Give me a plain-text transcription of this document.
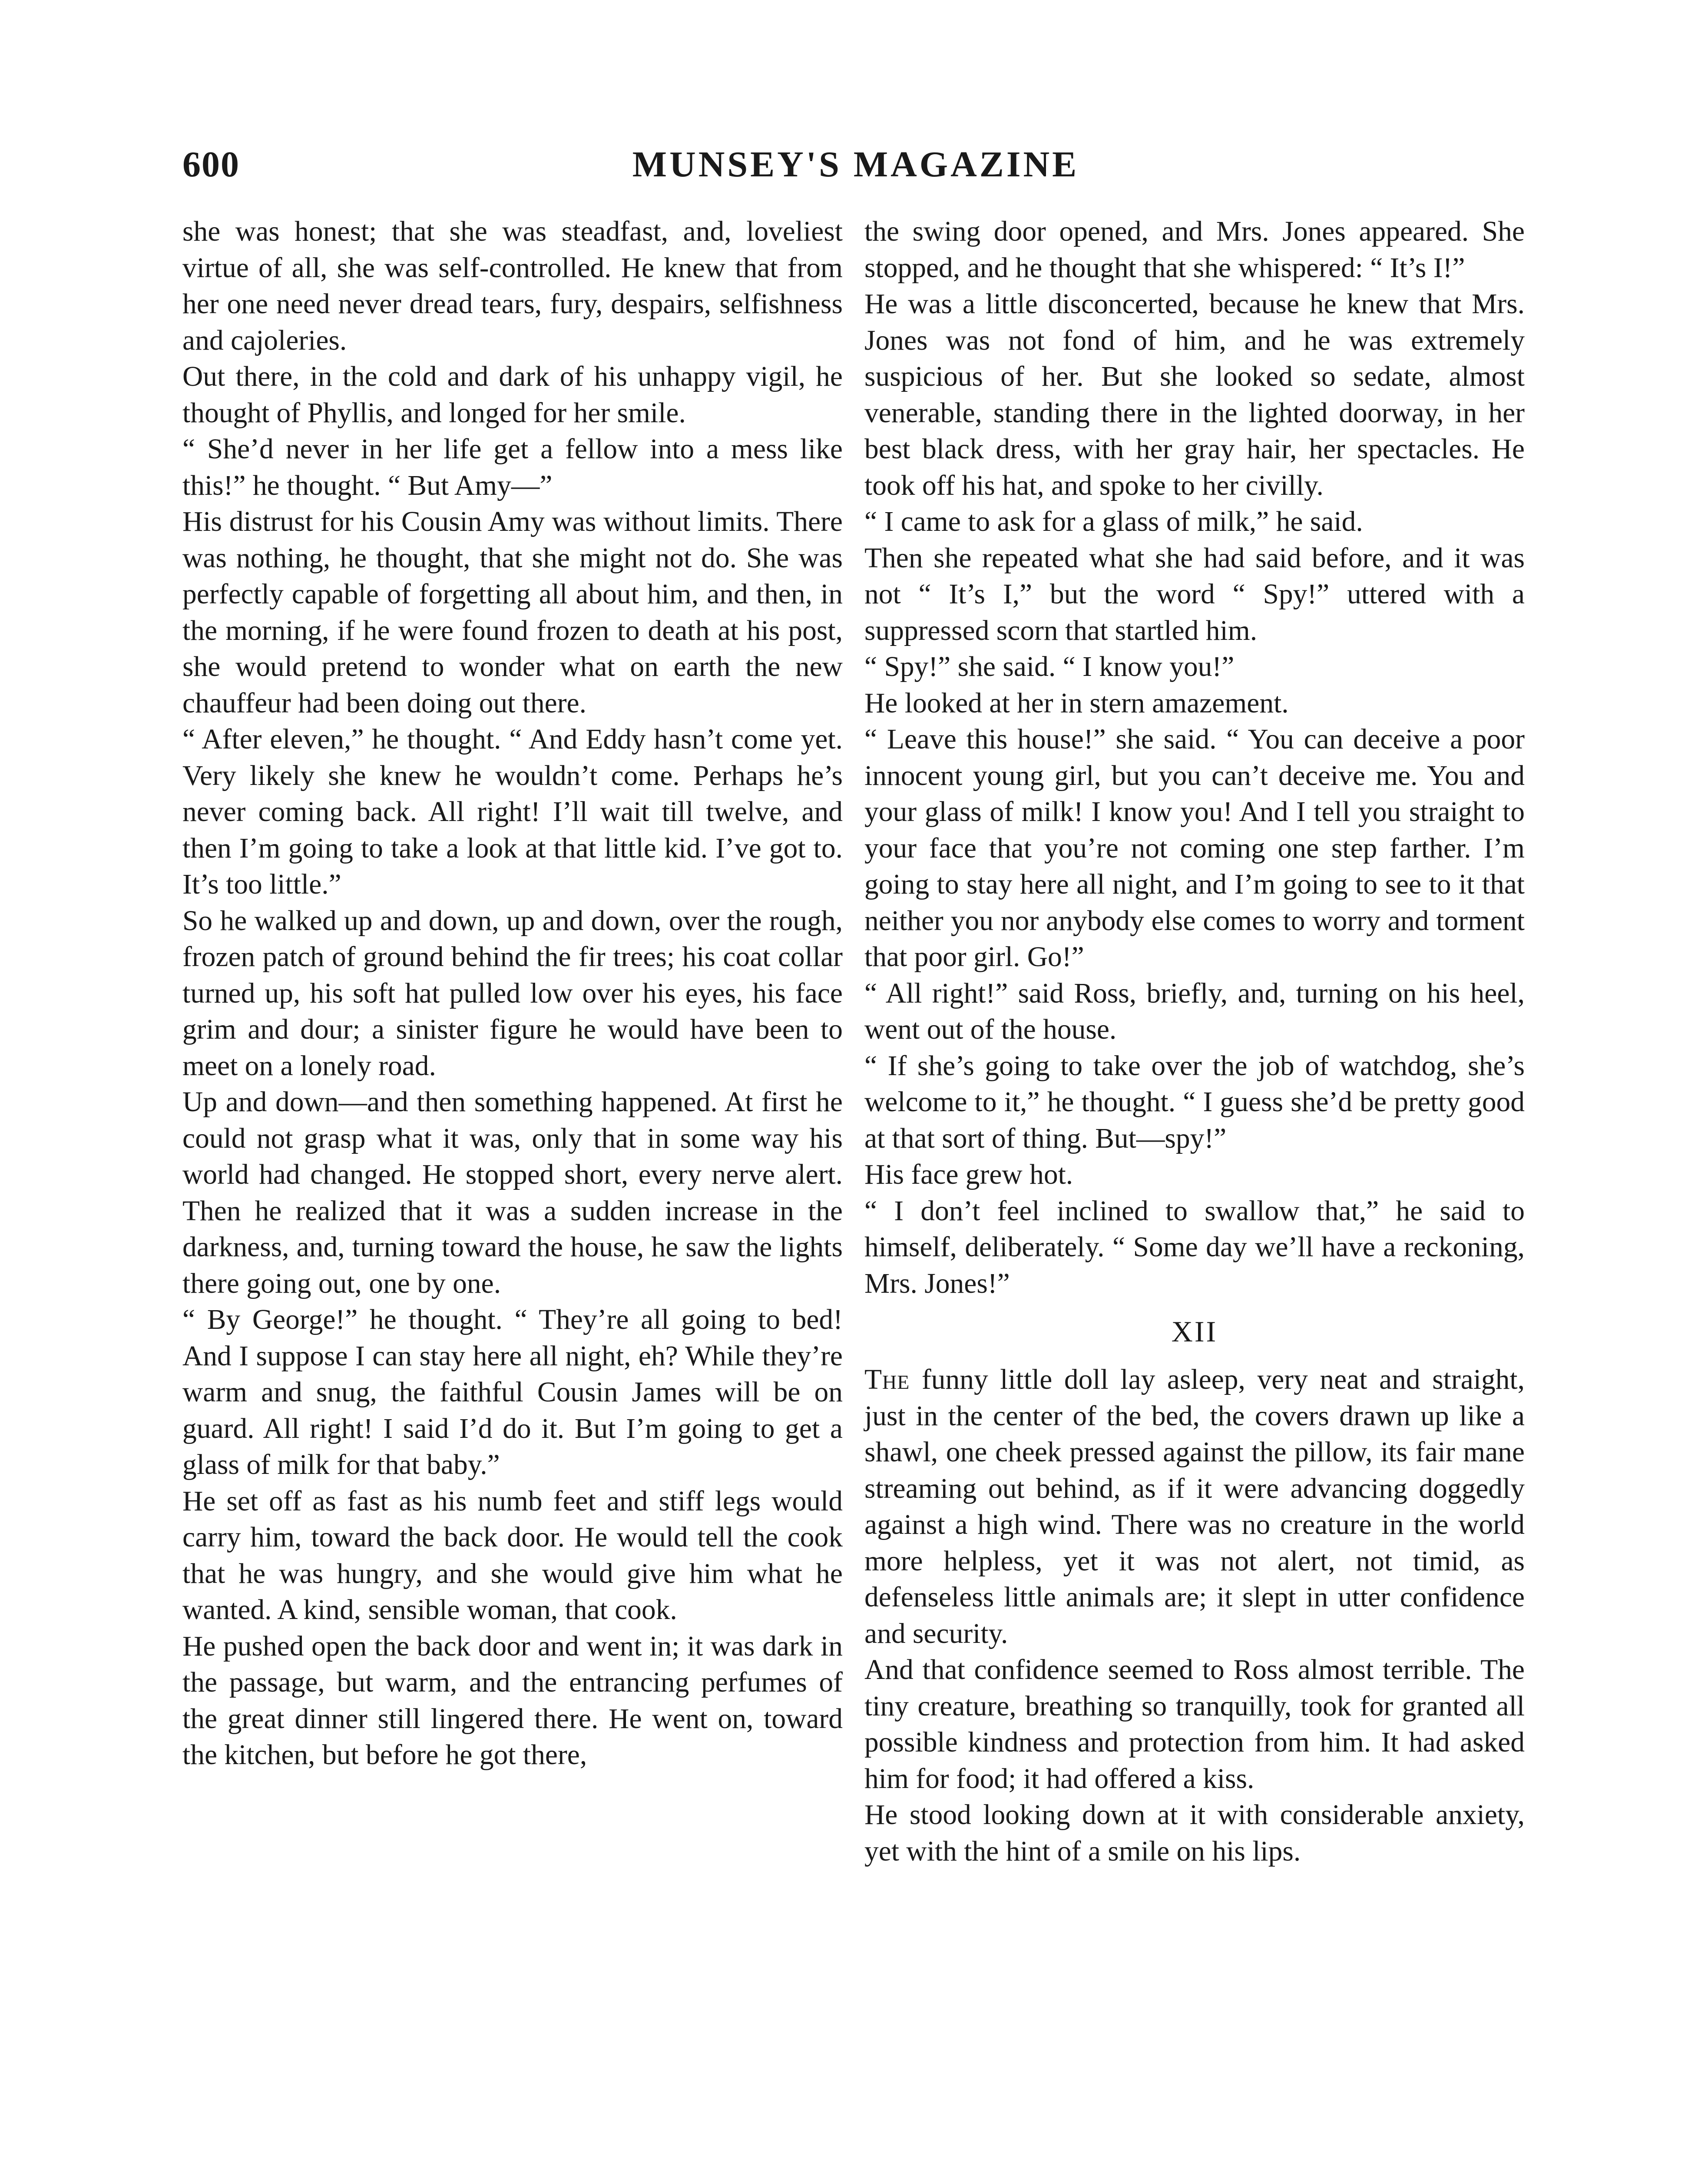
600	MUNSEY'S MAGAZINE

she was honest; that she was steadfast, and, loveliest virtue of all, she was self-controlled. He knew that from her one need never dread tears, fury, despairs, selfishness and cajoleries.

Out there, in the cold and dark of his unhappy vigil, he thought of Phyllis, and longed for her smile.

“ She’d never in her life get a fellow into a mess like this!” he thought. “ But Amy—”

His distrust for his Cousin Amy was without limits. There was nothing, he thought, that she might not do. She was perfectly capable of forgetting all about him, and then, in the morning, if he were found frozen to death at his post, she would pretend to wonder what on earth the new chauffeur had been doing out there.

“ After eleven,” he thought. “ And Eddy hasn’t come yet. Very likely she knew he wouldn’t come. Perhaps he’s never coming back. All right! I’ll wait till twelve, and then I’m going to take a look at that little kid. I’ve got to. It’s too little.”

So he walked up and down, up and down, over the rough, frozen patch of ground behind the fir trees; his coat collar turned up, his soft hat pulled low over his eyes, his face grim and dour; a sinister figure he would have been to meet on a lonely road.

Up and down—and then something happened. At first he could not grasp what it was, only that in some way his world had changed. He stopped short, every nerve alert. Then he realized that it was a sudden increase in the darkness, and, turning toward the house, he saw the lights there going out, one by one.

“ By George!” he thought. “ They’re all going to bed! And I suppose I can stay here all night, eh? While they’re warm and snug, the faithful Cousin James will be on guard. All right! I said I’d do it. But I’m going to get a glass of milk for that baby.”

He set off as fast as his numb feet and stiff legs would carry him, toward the back door. He would tell the cook that he was hungry, and she would give him what he wanted. A kind, sensible woman, that cook.

He pushed open the back door and went in; it was dark in the passage, but warm, and the entrancing perfumes of the great dinner still lingered there. He went on, toward the kitchen, but before he got there,

the swing door opened, and Mrs. Jones appeared. She stopped, and he thought that she whispered: “ It’s I!”

He was a little disconcerted, because he knew that Mrs. Jones was not fond of him, and he was extremely suspicious of her. But she looked so sedate, almost venerable, standing there in the lighted doorway, in her best black dress, with her gray hair, her spectacles. He took off his hat, and spoke to her civilly.

“ I came to ask for a glass of milk,” he said.

Then she repeated what she had said before, and it was not “ It’s I,” but the word “ Spy!” uttered with a suppressed scorn that startled him.

“ Spy!” she said. “ I know you!”

He looked at her in stern amazement.

“ Leave this house!” she said. “ You can deceive a poor innocent young girl, but you can’t deceive me. You and your glass of milk! I know you! And I tell you straight to your face that you’re not coming one step farther. I’m going to stay here all night, and I’m going to see to it that neither you nor anybody else comes to worry and torment that poor girl. Go!”

“ All right!” said Ross, briefly, and, turning on his heel, went out of the house.

“ If she’s going to take over the job of watchdog, she’s welcome to it,” he thought. “ I guess she’d be pretty good at that sort of thing. But—spy!”

His face grew hot.

“ I don’t feel inclined to swallow that,” he said to himself, deliberately. “ Some day we’ll have a reckoning, Mrs. Jones!”

XII

The funny little doll lay asleep, very neat and straight, just in the center of the bed, the covers drawn up like a shawl, one cheek pressed against the pillow, its fair mane streaming out behind, as if it were advancing doggedly against a high wind. There was no creature in the world more helpless, yet it was not alert, not timid, as defenseless little animals are; it slept in utter confidence and security.

And that confidence seemed to Ross almost terrible. The tiny creature, breathing so tranquilly, took for granted all possible kindness and protection from him. It had asked him for food; it had offered a kiss.

He stood looking down at it with considerable anxiety, yet with the hint of a smile on his lips.
